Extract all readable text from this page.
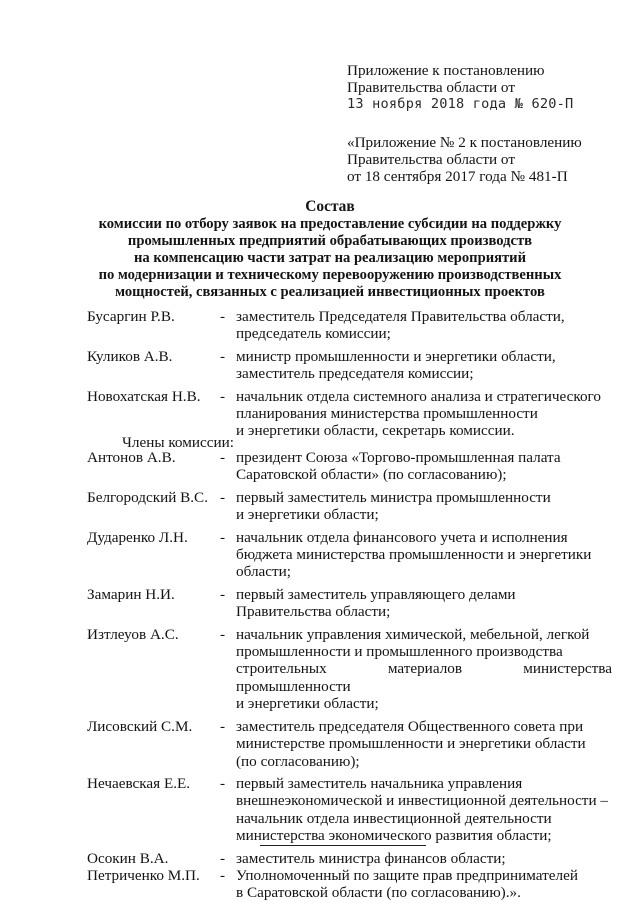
Приложение к постановлению
Правительства области от
13 ноября 2018 года № 620-П
«Приложение № 2 к постановлению
Правительства области от
от 18 сентября 2017 года № 481-П
Состав
комиссии по отбору заявок на предоставление субсидии на поддержку
промышленных предприятий обрабатывающих производств
на компенсацию части затрат на реализацию мероприятий
по модернизации и техническому перевооружению производственных
мощностей, связанных с реализацией инвестиционных проектов
Бусаргин Р.В.	- заместитель Председателя Правительства области,
председатель комиссии;
Куликов А.В.	- министр промышленности и энергетики области,
заместитель председателя комиссии;
Новохатская Н.В.	- начальник отдела системного анализа и стратегического
планирования министерства промышленности
и энергетики области, секретарь комиссии.
Члены комиссии:
Антонов А.В.	- президент Союза «Торгово-промышленная палата
Саратовской области» (по согласованию);
Белгородский В.С. - первый заместитель министра промышленности
и энергетики области;
Дударенко Л.Н.	- начальник отдела финансового учета и исполнения
бюджета министерства промышленности и энергетики
области;
Замарин Н.И.	- первый заместитель управляющего делами
Правительства области;
Изтлеуов А.С.	- начальник управления химической, мебельной, легкой
промышленности и промышленного производства
строительных материалов министерства промышленности
и энергетики области;
Лисовский С.М.	- заместитель председателя Общественного совета при
министерстве промышленности и энергетики области
(по согласованию);
Нечаевская Е.Е.	- первый заместитель начальника управления
внешнеэкономической и инвестиционной деятельности –
начальник отдела инвестиционной деятельности
министерства экономического развития области;
Осокин В.А.	- заместитель министра финансов области;
Петриченко М.П.	- Уполномоченный по защите прав предпринимателей
в Саратовской области (по согласованию).».
